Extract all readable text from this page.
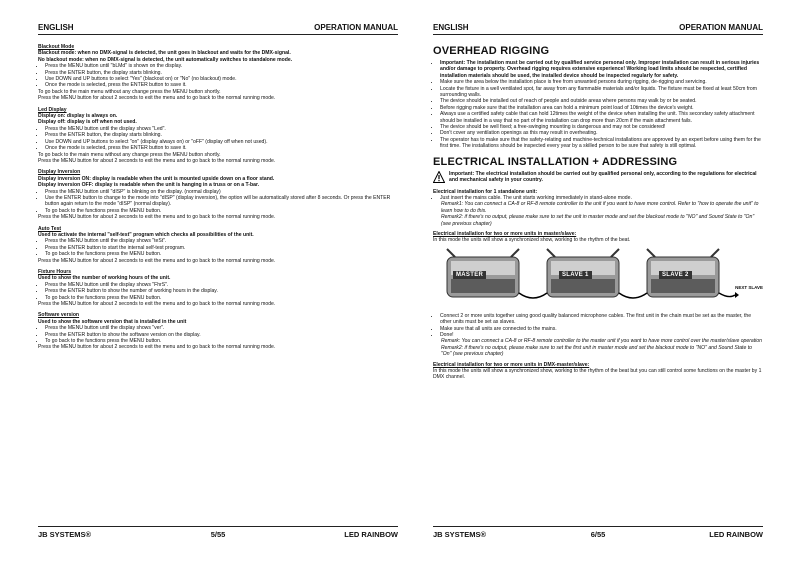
ENGLISH	OPERATION MANUAL

Blackout Mode

Blackout mode: when no DMX-signal is detected, the unit goes in blackout and waits for the DMX-signal.

No blackout mode: when no DMX-signal is detected, the unit automatically switches to standalone mode.

• Press the MENU button until "bLMd" is shown on the display.
• Press the ENTER button, the display starts blinking.
• Use DOWN and UP buttons to select "Yes" (blackout on) or "No" (no blackout) mode.
• Once the mode is selected, press the ENTER button to save it.

To go back to the main menu without any change press the MENU button shortly.

Press the MENU button for about 2 seconds to exit the menu and to go back to the normal running mode.

Led Display

Display on: display is always on.

Display off: display is off when not used.

• Press the MENU button until the display shows "Led".
• Press the ENTER button, the display starts blinking.
• Use DOWN and UP buttons to select "on" (display always on) or "oFF" (display off when not used).
• Once the mode is selected, press the ENTER button to save it.

To go back to the main menu without any change press the MENU button shortly.

Press the MENU button for about 2 seconds to exit the menu and to go back to the normal running mode.

Display Inversion

Display inversion ON: display is readable when the unit is mounted upside down on a floor stand.

Display inversion OFF: display is readable when the unit is hanging in a truss or on a T-bar.

• Press the MENU button until "dISP" is blinking on the display. (normal display)
• Use the ENTER button to change to the mode into "dISP" (display inversion), the option will be automatically stored after 8 seconds. Or press the ENTER button again return to the mode "dISP" (normal display).
• To go back to the functions press the MENU button.

Press the MENU button for about 2 seconds to exit the menu and to go back to the normal running mode.

Auto Test

Used to activate the internal "self-test" program which checks all possibilities of the unit.

• Press the MENU button until the display shows "teSt".
• Press the ENTER button to start the internal self-test program.
• To go back to the functions press the MENU button.

Press the MENU button for about 2 seconds to exit the menu and to go back to the normal running mode.

Fixture Hours

Used to show the number of working hours of the unit.

• Press the MENU button until the display shows "FhrS".
• Press the ENTER button to show the number of working hours in the display.
• To go back to the functions press the MENU button.

Press the MENU button for about 2 seconds to exit the menu and to go back to the normal running mode.

Software version

Used to show the software version that is installed in the unit

• Press the MENU button until the display shows "ver".
• Press the ENTER button to show the software version on the display.
• To go back to the functions press the MENU button.

Press the MENU button for about 2 seconds to exit the menu and to go back to the normal running mode.

JB SYSTEMS®	5/55	LED RAINBOW
ENGLISH	OPERATION MANUAL
OVERHEAD RIGGING
• Important: The installation must be carried out by qualified service personal only. Improper installation can result in serious injuries and/or damage to property. Overhead rigging requires extensive experience! Working load limits should be respected, certified installation materials should be used, the installed device should be inspected regularly for safety.
• Make sure the area below the installation place is free from unwanted persons during rigging, de-rigging and servicing.
• Locate the fixture in a well ventilated spot, far away from any flammable materials and/or liquids. The fixture must be fixed at least 50cm from surrounding walls.
• The device should be installed out of reach of people and outside areas where persons may walk by or be seated.
• Before rigging make sure that the installation area can hold a minimum point load of 10times the device's weight.
• Always use a certified safety cable that can hold 12times the weight of the device when installing the unit. This secondary safety attachment should be installed in a way that no part of the installation can drop more than 20cm if the main attachment fails.
• The device should be well fixed; a free-swinging mounting is dangerous and may not be considered!
• Don't cover any ventilation openings as this may result in overheating.
• The operator has to make sure that the safety-relating and machine-technical installations are approved by an expert before using them for the first time. The installations should be inspected every year by a skilled person to be sure that safety is still optimal.
ELECTRICAL INSTALLATION + ADDRESSING
Important: The electrical installation should be carried out by qualified personal only, according to the regulations for electrical and mechanical safety in your country.

Electrical installation for 1 standalone unit:

• Just insert the mains cable. The unit starts working immediately in stand-alone mode.

Remark1: You can connect a CA-8 or RF-8 remote controller to the unit if you want to have more control. Refer to "how to operate the unit" to learn how to do this.

Remark2: if there's no output, please make sure to set the unit in master mode and set the blackout mode to "NO" and Sound State to "On" (see previous chapter)

Electrical installation for two or more units in master/slave:

In this mode the units will show a synchronized show, working to the rhythm of the beat.

MASTER	SLAVE 1	SLAVE 2
NEXT SLAVE
• Connect 2 or more units together using good quality balanced microphone cables. The first unit in the chain must be set as the master, the other units must be set as slaves.
• Make sure that all units are connected to the mains.
• Done!

Remark: You can connect a CA-8 or RF-8 remote controller to the master unit if you want to have more control over the master/slave operation

Remark2: if there's no output, please make sure to set the first unit in master mode and set the blackout mode to "NO" and Sound State to "On" (see previous chapter)

Electrical installation for two or more units in DMX-master/slave:

In this mode the units will show a synchronized show, working to the rhythm of the beat but you can still control some functions on the master by 1 DMX channel.

JB SYSTEMS®	6/55	LED RAINBOW
